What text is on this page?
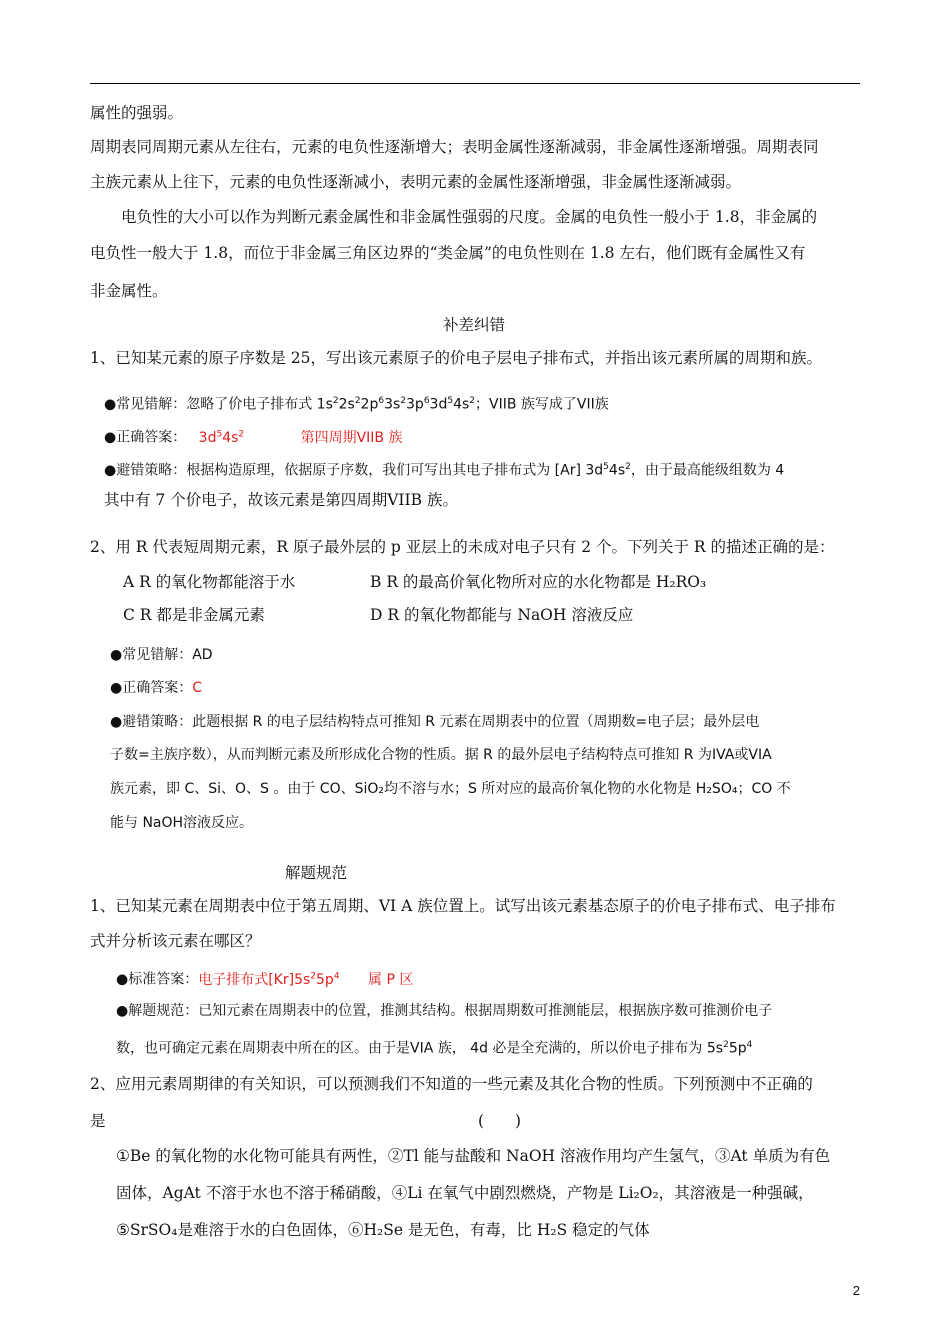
属性的强弱。
周期表同周期元素从左往右，元素的电负性逐渐增大；表明金属性逐渐减弱，非金属性逐渐增强。周期表同
主族元素从上往下，元素的电负性逐渐减小，表明元素的金属性逐渐增强，非金属性逐渐减弱。
电负性的大小可以作为判断元素金属性和非金属性强弱的尺度。金属的电负性一般小于 1.8，非金属的
电负性一般大于 1.8，而位于非金属三角区边界的“类金属”的电负性则在 1.8 左右，他们既有金属性又有
非金属性。
补差纠错
1、已知某元素的原子序数是 25，写出该元素原子的价电子层电子排布式，并指出该元素所属的周期和族。
●常见错解：忽略了价电子排布式 $1s^22s^22p^63s^23p^63d^54s^2$；VIIB 族写成了VII族
●正确答案： $3d^54s^2$	第四周期VIIB 族
●避错策略：根据构造原理，依据原子序数，我们可写出其电子排布式为 [Ar] $3d^54s^2$，由于最高能级组数为 4
其中有 7 个价电子，故该元素是第四周期VIIB 族。
2、用 R 代表短周期元素，R 原子最外层的 p 亚层上的未成对电子只有 2 个。下列关于 R 的描述正确的是：
A R 的氧化物都能溶于水	B R 的最高价氧化物所对应的水化物都是 H₂RO₃
C R 都是非金属元素	D R 的氧化物都能与 NaOH 溶液反应
●常见错解：AD
●正确答案：C
●避错策略：此题根据 R 的电子层结构特点可推知 R 元素在周期表中的位置（周期数=电子层；最外层电
子数=主族序数），从而判断元素及所形成化合物的性质。据 R 的最外层电子结构特点可推知 R 为IVA或VIA
族元素，即 C、Si、O、S 。由于 CO、SiO₂均不溶与水；S 所对应的最高价氧化物的水化物是 H₂SO₄；CO 不
能与 NaOH溶液反应。
解题规范
1、已知某元素在周期表中位于第五周期、VI A 族位置上。试写出该元素基态原子的价电子排布式、电子排布
式并分析该元素在哪区？
●标准答案：电子排布式$[Kr]5s^25p^4$ 属 P 区
●解题规范：已知元素在周期表中的位置，推测其结构。根据周期数可推测能层，根据族序数可推测价电子
数，也可确定元素在周期表中所在的区。由于是VIA 族， 4d 必是全充满的，所以价电子排布为 $5s^25p^4$
2、应用元素周期律的有关知识，可以预测我们不知道的一些元素及其化合物的性质。下列预测中不正确的
是	(　　)
①Be 的氧化物的水化物可能具有两性，②Tl 能与盐酸和 NaOH 溶液作用均产生氢气，③At 单质为有色
固体，AgAt 不溶于水也不溶于稀硝酸，④Li 在氧气中剧烈燃烧，产物是 Li₂O₂，其溶液是一种强碱，
⑤SrSO₄是难溶于水的白色固体，⑥H₂Se 是无色，有毒，比 H₂S 稳定的气体
2
